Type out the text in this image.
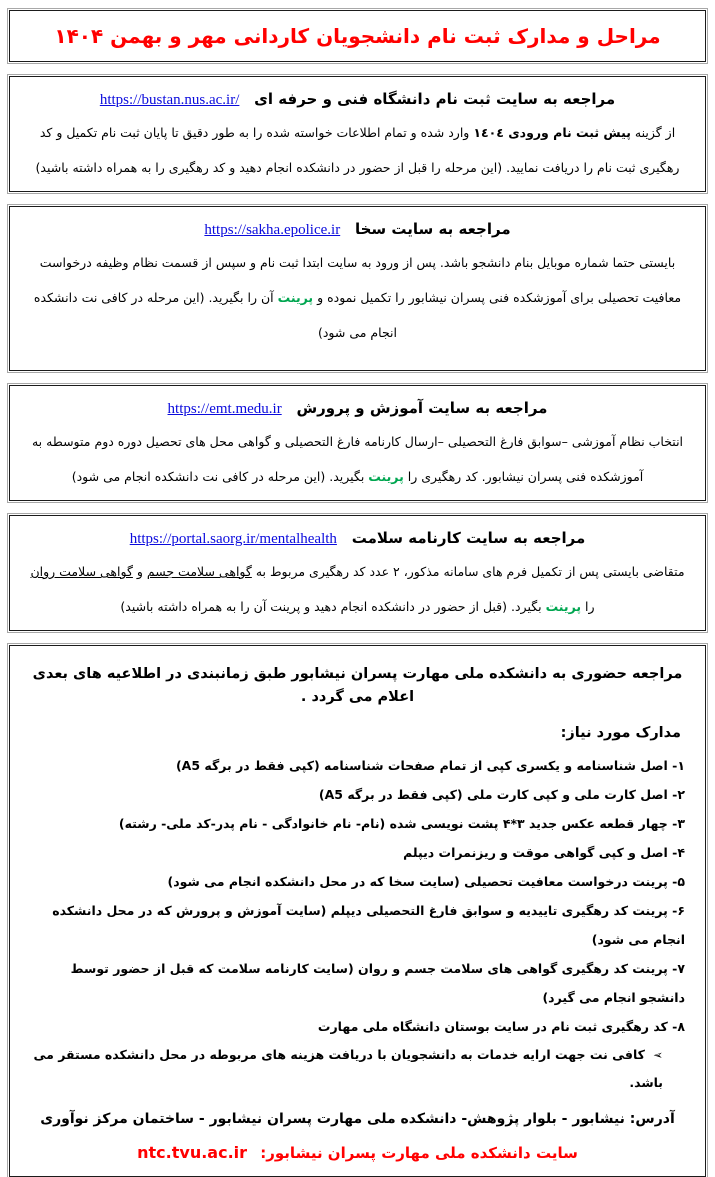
مراحل و مدارک ثبت نام دانشجویان کاردانی مهر و بهمن ۱۴۰۴
مراجعه به سایت ثبت نام دانشگاه فنی و حرفه ای https://bustan.nus.ac.ir/
از گزینه پیش ثبت نام ورودی ١٤٠٤ وارد شده و تمام اطلاعات خواسته شده را به طور دقیق تا پایان ثبت نام تکمیل و کد رهگیری ثبت نام را دریافت نمایید. (این مرحله را قبل از حضور در دانشکده انجام دهید و کد رهگیری را به همراه داشته باشید)
مراجعه به سایت سخا https://sakha.epolice.ir
بایستی حتما شماره موبایل بنام دانشجو باشد. پس از ورود به سایت ابتدا ثبت نام و سپس از قسمت نظام وظیفه درخواست معافیت تحصیلی برای آموزشکده فنی پسران نیشابور را تکمیل نموده و پرینت آن را بگیرید. (این مرحله در کافی نت دانشکده انجام می شود)
مراجعه به سایت آموزش و پرورش https://emt.medu.ir
انتخاب نظام آموزشی –سوابق فارغ التحصیلی –ارسال کارنامه فارغ التحصیلی و گواهی محل های تحصیل دوره دوم متوسطه به آموزشکده فنی پسران نیشابور. کد رهگیری را پرینت بگیرید. (این مرحله در کافی نت دانشکده انجام می شود)
مراجعه به سایت کارنامه سلامت https://portal.saorg.ir/mentalhealth
متقاضی بایستی پس از تکمیل فرم های سامانه مذکور، ۲ عدد کد رهگیری مربوط به گواهی سلامت جسم و گواهی سلامت روان را پرینت بگیرد. (قبل از حضور در دانشکده انجام دهید و پرینت آن را به همراه داشته باشید)
مراجعه حضوری به دانشکده ملی مهارت پسران نیشابور طبق زمانبندی در اطلاعیه های بعدی اعلام می گردد .
مدارک مورد نیاز:
۱- اصل شناسنامه و یکسری کپی از تمام صفحات شناسنامه (کپی فقط در برگه A5)
۲- اصل کارت ملی و کپی کارت ملی (کپی فقط در برگه A5)
۳- چهار قطعه عکس جدید ۳*۴ پشت نویسی شده (نام- نام خانوادگی - نام پدر-کد ملی- رشته)
۴- اصل و کپی گواهی موقت و ریزنمرات دیپلم
۵- پرینت درخواست معافیت تحصیلی (سایت سخا که در محل دانشکده انجام می شود)
۶- پرینت کد رهگیری تاییدیه و سوابق فارغ التحصیلی دیپلم (سایت آموزش و پرورش که در محل دانشکده انجام می شود)
۷- پرینت کد رهگیری گواهی های سلامت جسم و روان (سایت کارنامه سلامت که قبل از حضور توسط دانشجو انجام می گیرد)
۸- کد رهگیری ثبت نام در سایت بوستان دانشگاه ملی مهارت
➢کافی نت جهت ارایه خدمات به دانشجویان با دریافت هزینه های مربوطه در محل دانشکده مستقر می باشد.
آدرس: نیشابور - بلوار پژوهش- دانشکده ملی مهارت پسران نیشابور - ساختمان مرکز نوآوری
سایت دانشکده ملی مهارت پسران نیشابور: ntc.tvu.ac.ir
